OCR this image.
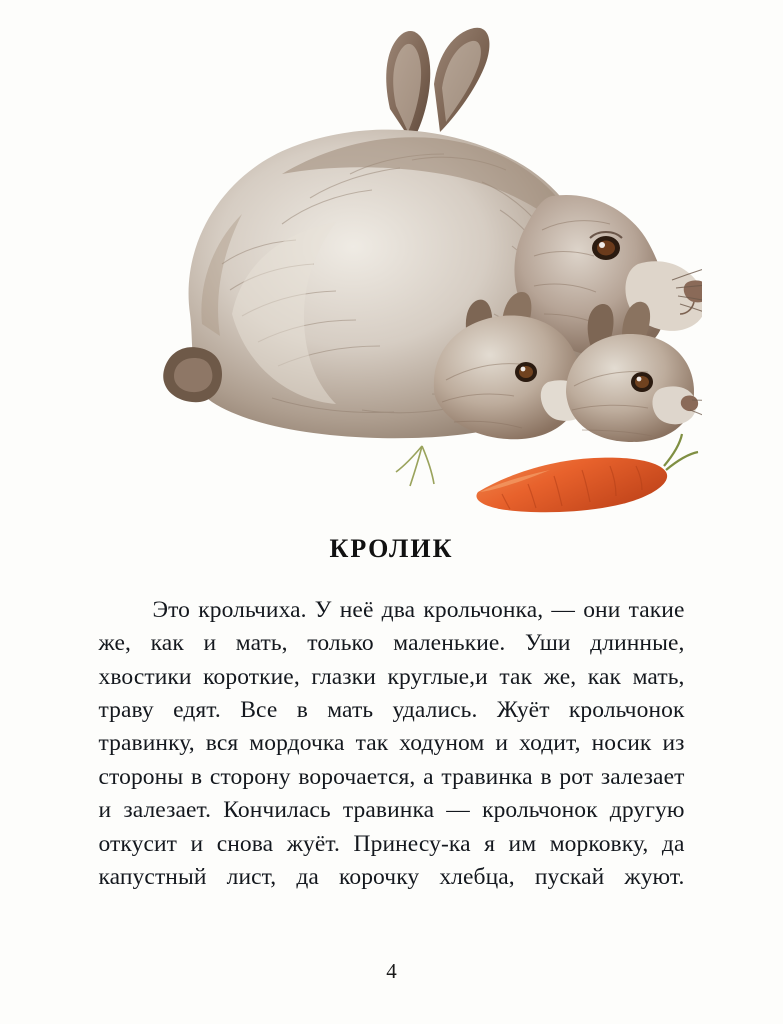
КРОЛИК

Это крольчиха. У неё два крольчонка, — они такие же, как и мать, только маленькие. Уши длинные, хвостики короткие, глазки круглые,и так же, как мать, траву едят. Все в мать удались. Жуёт крольчонок травинку, вся мордочка так ходуном и ходит, носик из стороны в сторону ворочается, а травинка в рот залезает и залезает. Кончилась травинка — крольчонок другую откусит и снова жуёт. Принесу-ка я им морковку, да капустный лист, да корочку хлебца, пускай жуют.

4
